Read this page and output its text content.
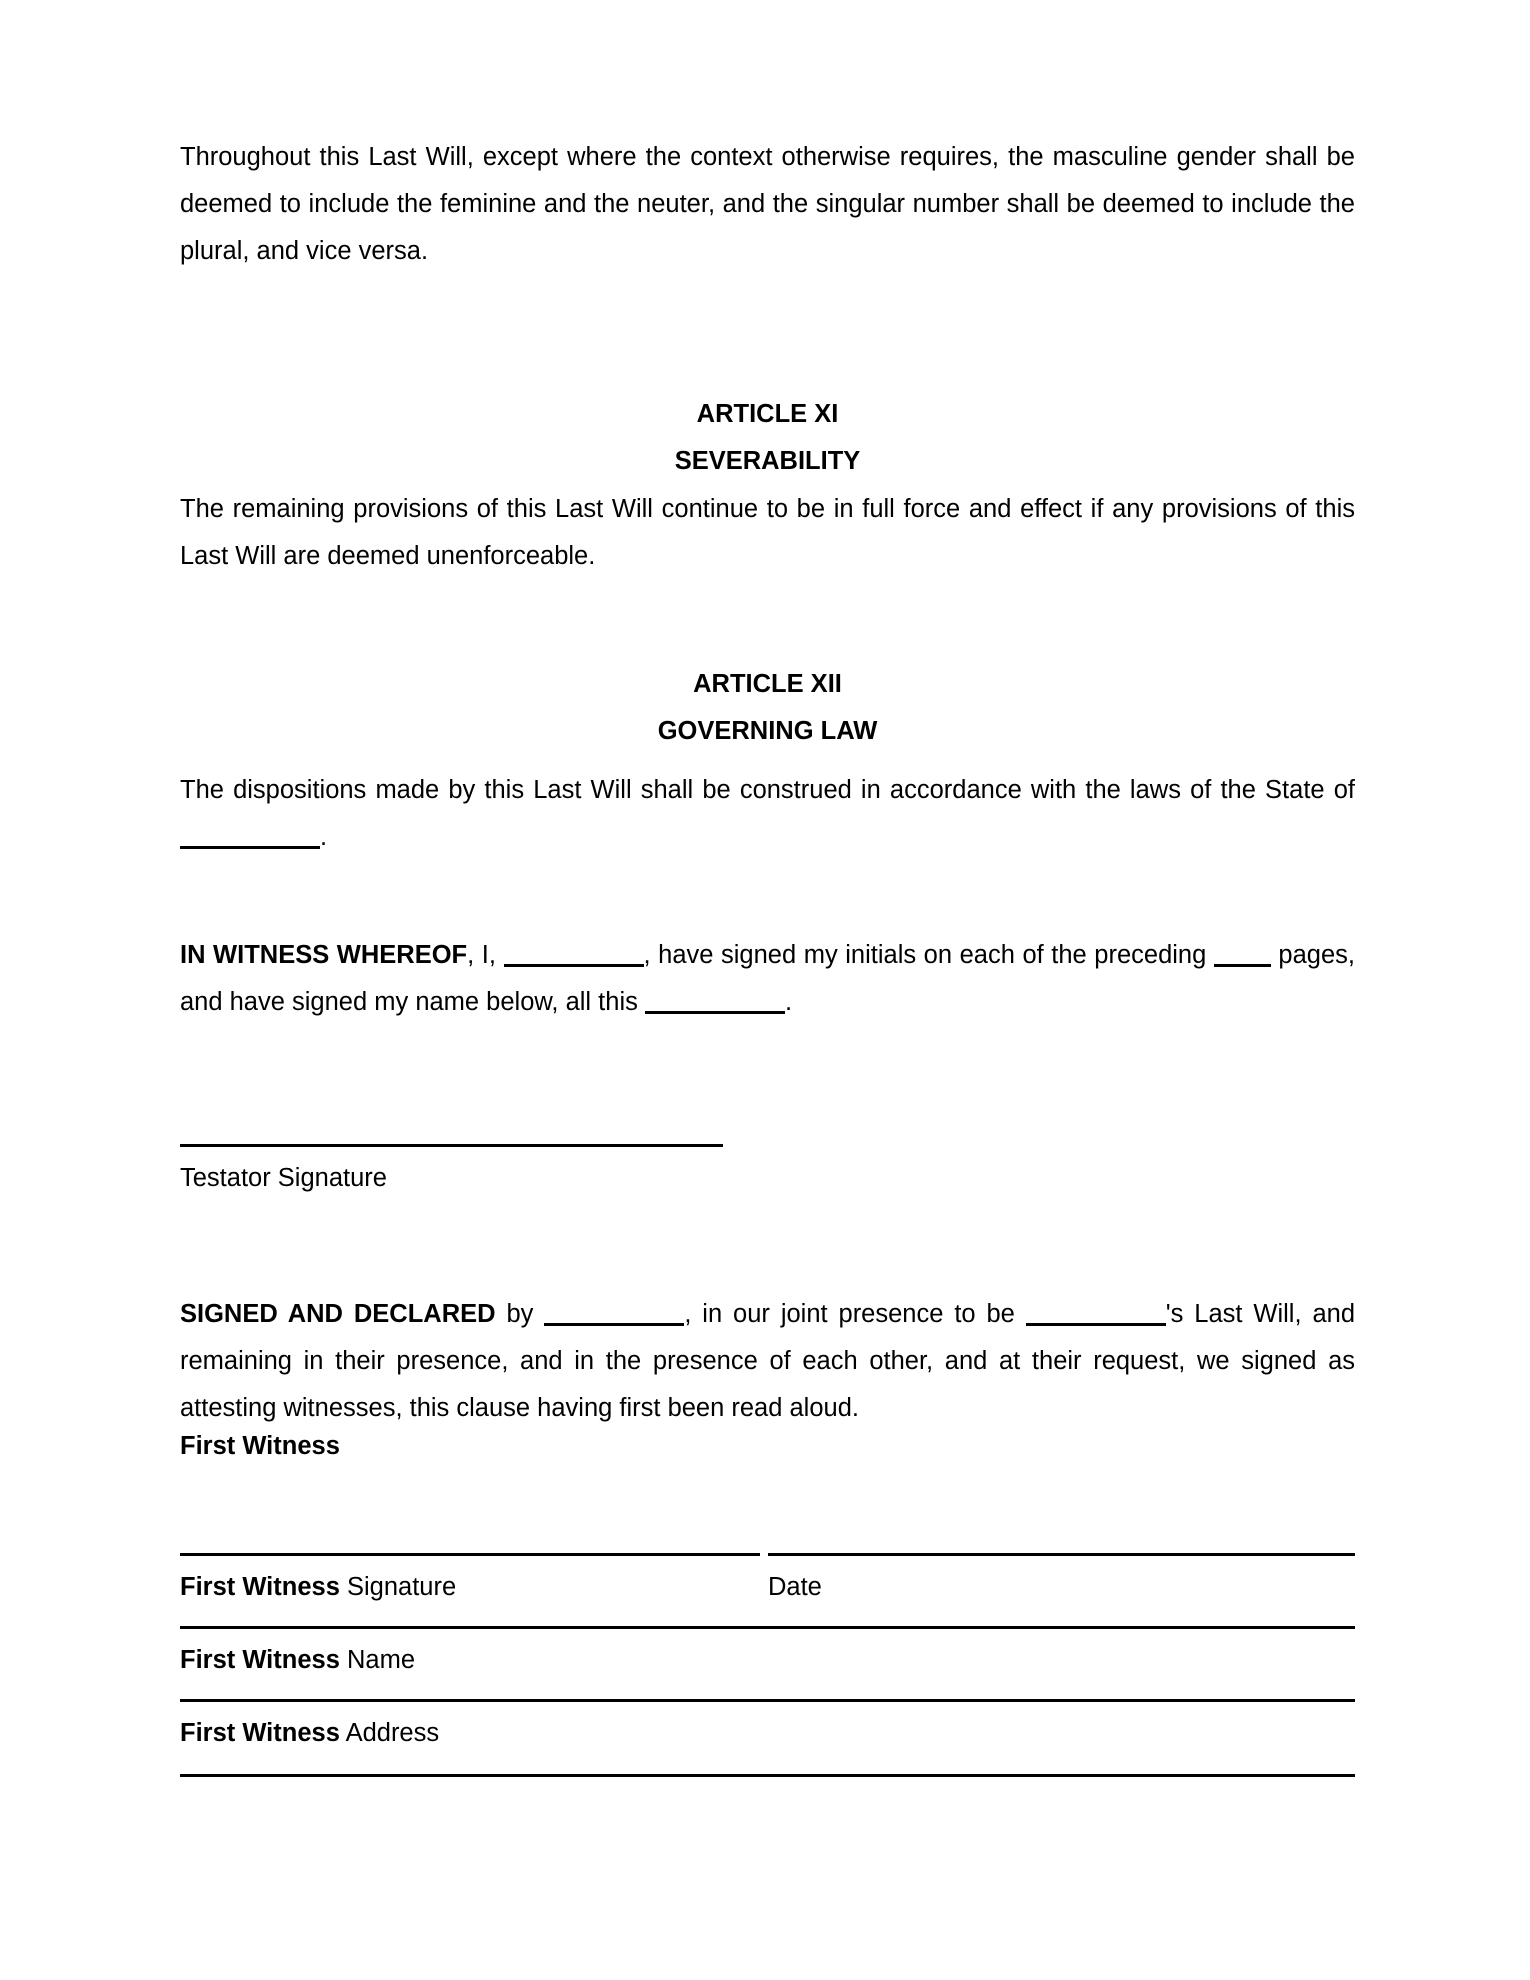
Throughout this Last Will, except where the context otherwise requires, the masculine gender shall be deemed to include the feminine and the neuter, and the singular number shall be deemed to include the plural, and vice versa.

ARTICLE XI
SEVERABILITY

The remaining provisions of this Last Will continue to be in full force and effect if any provisions of this Last Will are deemed unenforceable.

ARTICLE XII
GOVERNING LAW

The dispositions made by this Last Will shall be construed in accordance with the laws of the State of .

IN WITNESS WHEREOF, I,	, have signed my initials on each of the preceding  pages, and have signed my name below, all this	.

Testator Signature

SIGNED AND DECLARED by	, in our joint presence to be	's Last Will, and remaining in their presence, and in the presence of each other, and at their request, we signed as attesting witnesses, this clause having first been read aloud.

First Witness
First Witness Signature	Date
First Witness Name
First Witness Address
